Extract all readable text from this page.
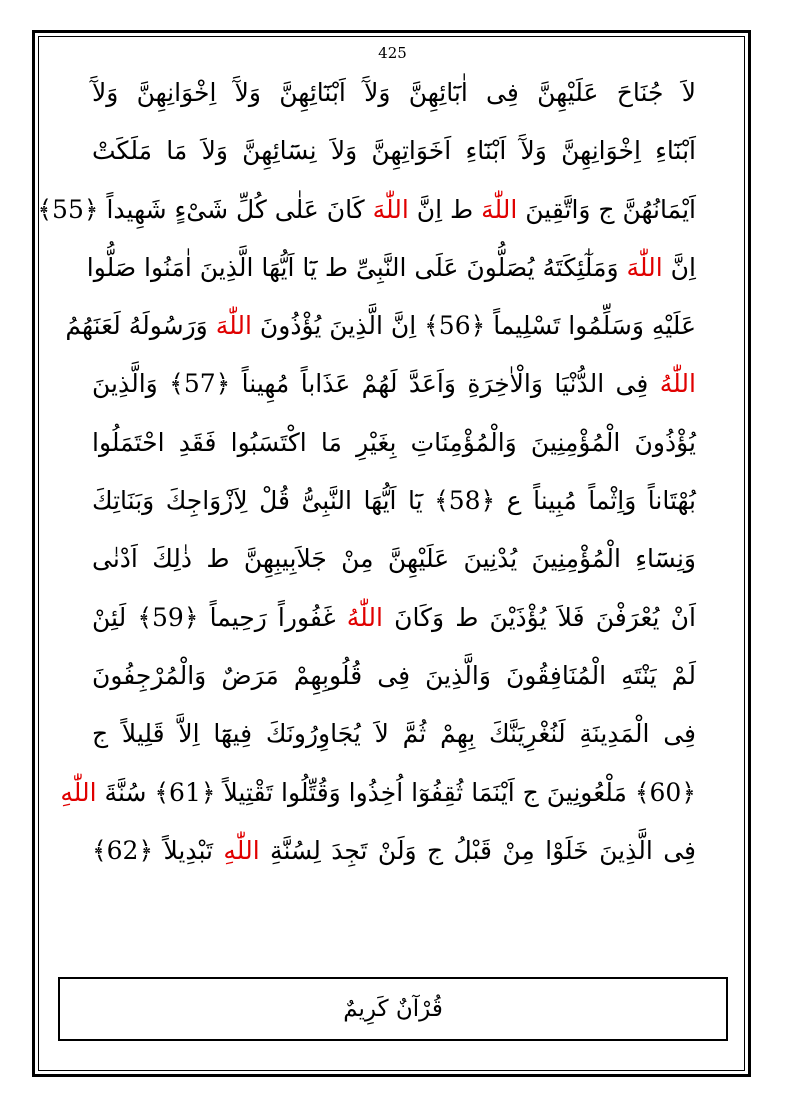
425
لاَ جُنَاحَ عَلَيْهِنَّ فِى اٰبَٓائِهِنَّ وَلآَ اَبْنَٓائِهِنَّ وَلآَ اِخْوَانِهِنَّ وَلآَ
اَبْنَٓاءِ اِخْوَانِهِنَّ وَلآَ اَبْنَٓاءِ اَخَوَاتِهِنَّ وَلاَ نِسَٓائِهِنَّ وَلاَ مَا مَلَكَتْ
اَيْمَانُهُنَّ ج وَاتَّقِينَ اللّٰهَ ط اِنَّ اللّٰهَ كَانَ عَلٰى كُلِّ شَیْءٍ شَهِيداً ﴿55﴾
اِنَّ اللّٰهَ وَمَلٰٓئِكَتَهُ يُصَلُّونَ عَلَى النَّبِىِّ ط يَٓا اَيُّهَا الَّذِينَ اٰمَنُوا صَلُّوا
عَلَيْهِ وَسَلِّمُوا تَسْلِيماً ﴿56﴾ اِنَّ الَّذِينَ يُؤْذُونَ اللّٰهَ وَرَسُولَهُ لَعَنَهُمُ
اللّٰهُ فِى الدُّنْيَا وَالْاٰخِرَةِ وَاَعَدَّ لَهُمْ عَذَاباً مُهِيناً ﴿57﴾ وَالَّذِينَ
يُؤْذُونَ الْمُؤْمِنِينَ وَالْمُؤْمِنَاتِ بِغَيْرِ مَا اكْتَسَبُوا فَقَدِ احْتَمَلُوا
بُهْتَاناً وَاِثْماً مُبِيناً ع ﴿58﴾ يَٓا اَيُّهَا النَّبِىُّ قُلْ لِاَزْوَاجِكَ وَبَنَاتِكَ
وَنِسَٓاءِ الْمُؤْمِنِينَ يُدْنِينَ عَلَيْهِنَّ مِنْ جَلاَبِيبِهِنَّ ط ذٰلِكَ اَدْنٰى
اَنْ يُعْرَفْنَ فَلاَ يُؤْذَيْنَ ط وَكَانَ اللّٰهُ غَفُوراً رَحِيماً ﴿59﴾ لَئِنْ
لَمْ يَنْتَهِ الْمُنَافِقُونَ وَالَّذِينَ فِى قُلُوبِهِمْ مَرَضٌ وَالْمُرْجِفُونَ
فِى الْمَدِينَةِ لَنُغْرِيَنَّكَ بِهِمْ ثُمَّ لاَ يُجَاوِرُونَكَ فِيهَٓا اِلاَّ قَلِيلاً ج
﴿60﴾ مَلْعُونِينَ ج اَيْنَمَا ثُقِفُوٓا اُخِذُوا وَقُتِّلُوا تَقْتِيلاً ﴿61﴾ سُنَّةَ اللّٰهِ
فِى الَّذِينَ خَلَوْا مِنْ قَبْلُ ج وَلَنْ تَجِدَ لِسُنَّةِ اللّٰهِ تَبْدِيلاً ﴿62﴾
قُرْآنٌ كَرِيمٌ
